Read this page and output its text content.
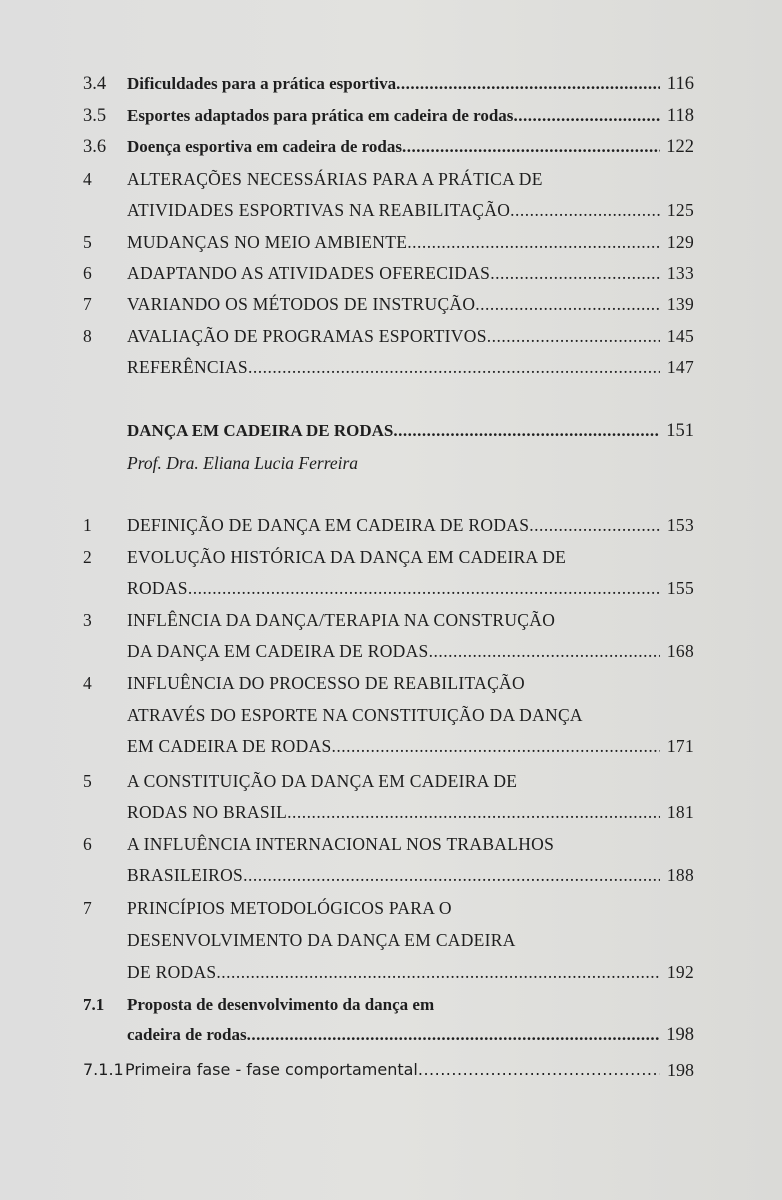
3.4 Dificuldades para a prática esportiva .....	116
3.5 Esportes adaptados para prática em cadeira de rodas .....	118
3.6 Doença esportiva em cadeira de rodas .....	122
4 ALTERAÇÕES NECESSÁRIAS PARA A PRÁTICA DE
ATIVIDADES ESPORTIVAS NA REABILITAÇÃO .....	125
5 MUDANÇAS NO MEIO AMBIENTE .....	129
6 ADAPTANDO AS ATIVIDADES OFERECIDAS .....	133
7 VARIANDO OS MÉTODOS DE INSTRUÇÃO .....	139
8 AVALIAÇÃO DE PROGRAMAS ESPORTIVOS .....	145
REFERÊNCIAS .....	147
DANÇA EM CADEIRA DE RODAS .....	151
Prof. Dra. Eliana Lucia Ferreira
1 DEFINIÇÃO DE DANÇA EM CADEIRA DE RODAS .....	153
2 EVOLUÇÃO HISTÓRICA DA DANÇA EM CADEIRA DE
RODAS .....	155
3 INFLÊNCIA DA DANÇA/TERAPIA NA CONSTRUÇÃO
DA DANÇA EM CADEIRA DE RODAS .....	168
4 INFLUÊNCIA DO PROCESSO DE REABILITAÇÃO
ATRAVÉS DO ESPORTE NA CONSTITUIÇÃO DA DANÇA
EM CADEIRA DE RODAS .....	171
5 A CONSTITUIÇÃO DA DANÇA EM CADEIRA DE
RODAS NO BRASIL .....	181
6 A INFLUÊNCIA INTERNACIONAL NOS TRABALHOS
BRASILEIROS .....	188
7 PRINCÍPIOS METODOLÓGICOS PARA O
DESENVOLVIMENTO DA DANÇA EM CADEIRA
DE RODAS .....	192
7.1 Proposta de desenvolvimento da dança em
cadeira de rodas .....	198
7.1.1 Primeira fase - fase comportamental .....	198
